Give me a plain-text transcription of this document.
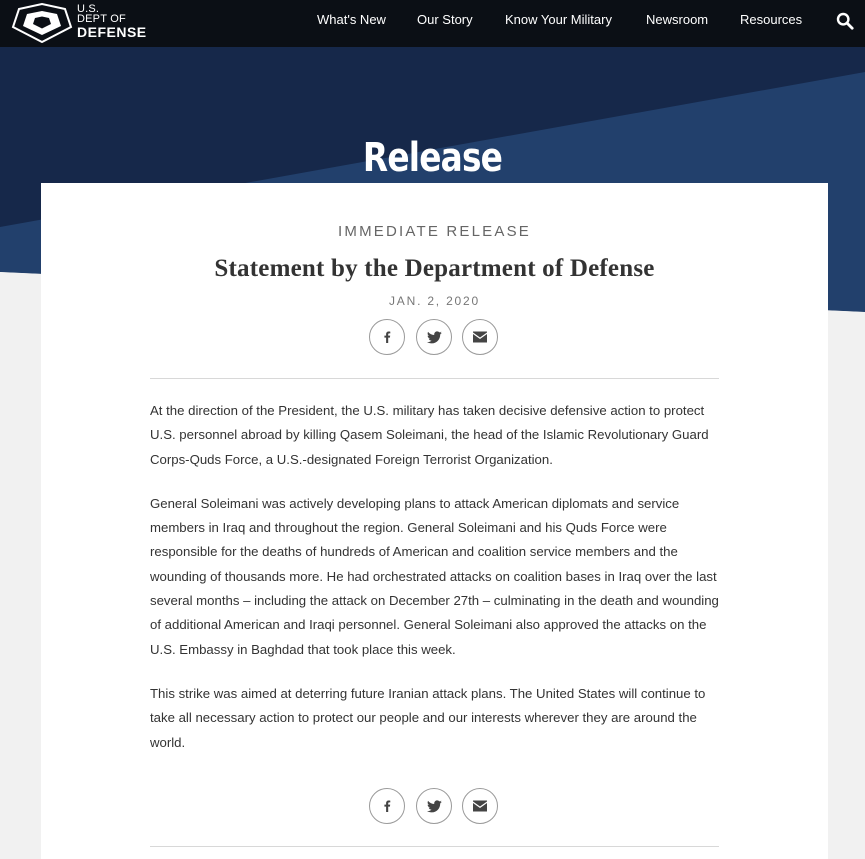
U.S.
DEPT OF
DEFENSE
What's New Our Story Know Your Military	Newsroom Resources
Release
IMMEDIATE RELEASE
Statement by the Department of Defense
JAN. 2, 2020

At the direction of the President, the U.S. military has taken decisive defensive action to protect U.S. personnel abroad by killing Qasem Soleimani, the head of the Islamic Revolutionary Guard Corps-Quds Force, a U.S.-designated Foreign Terrorist Organization.

General Soleimani was actively developing plans to attack American diplomats and service members in Iraq and throughout the region. General Soleimani and his Quds Force were responsible for the deaths of hundreds of American and coalition service members and the wounding of thousands more. He had orchestrated attacks on coalition bases in Iraq over the last several months – including the attack on December 27th – culminating in the death and wounding of additional American and Iraqi personnel. General Soleimani also approved the attacks on the U.S. Embassy in Baghdad that took place this week.

This strike was aimed at deterring future Iranian attack plans. The United States will continue to take all necessary action to protect our people and our interests wherever they are around the world.
